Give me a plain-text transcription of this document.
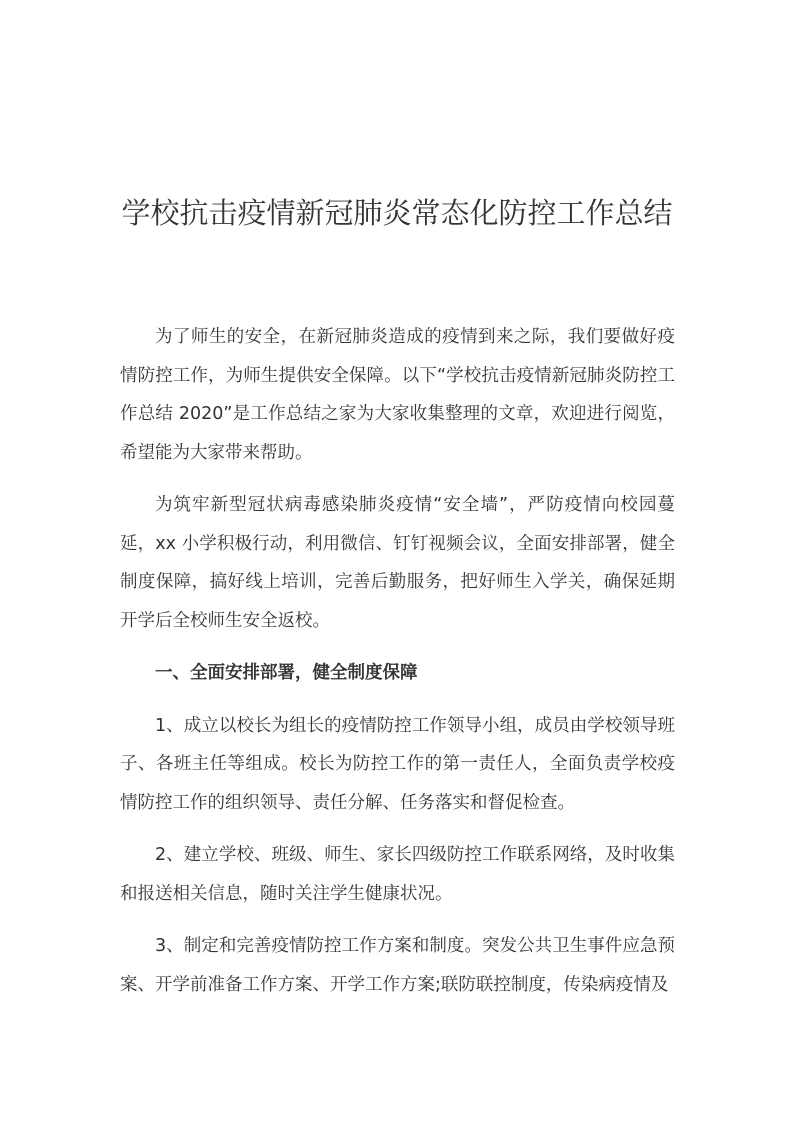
学校抗击疫情新冠肺炎常态化防控工作总结

为了师生的安全，在新冠肺炎造成的疫情到来之际，我们要做好疫情防控工作，为师生提供安全保障。以下“学校抗击疫情新冠肺炎防控工作总结 2020”是工作总结之家为大家收集整理的文章，欢迎进行阅览，希望能为大家带来帮助。

为筑牢新型冠状病毒感染肺炎疫情“安全墙”，严防疫情向校园蔓延，xx 小学积极行动，利用微信、钉钉视频会议，全面安排部署，健全制度保障，搞好线上培训，完善后勤服务，把好师生入学关，确保延期开学后全校师生安全返校。

一、全面安排部署，健全制度保障

1、成立以校长为组长的疫情防控工作领导小组，成员由学校领导班子、各班主任等组成。校长为防控工作的第一责任人，全面负责学校疫情防控工作的组织领导、责任分解、任务落实和督促检查。

2、建立学校、班级、师生、家长四级防控工作联系网络，及时收集和报送相关信息，随时关注学生健康状况。

3、制定和完善疫情防控工作方案和制度。突发公共卫生事件应急预案、开学前准备工作方案、开学工作方案;联防联控制度，传染病疫情及
